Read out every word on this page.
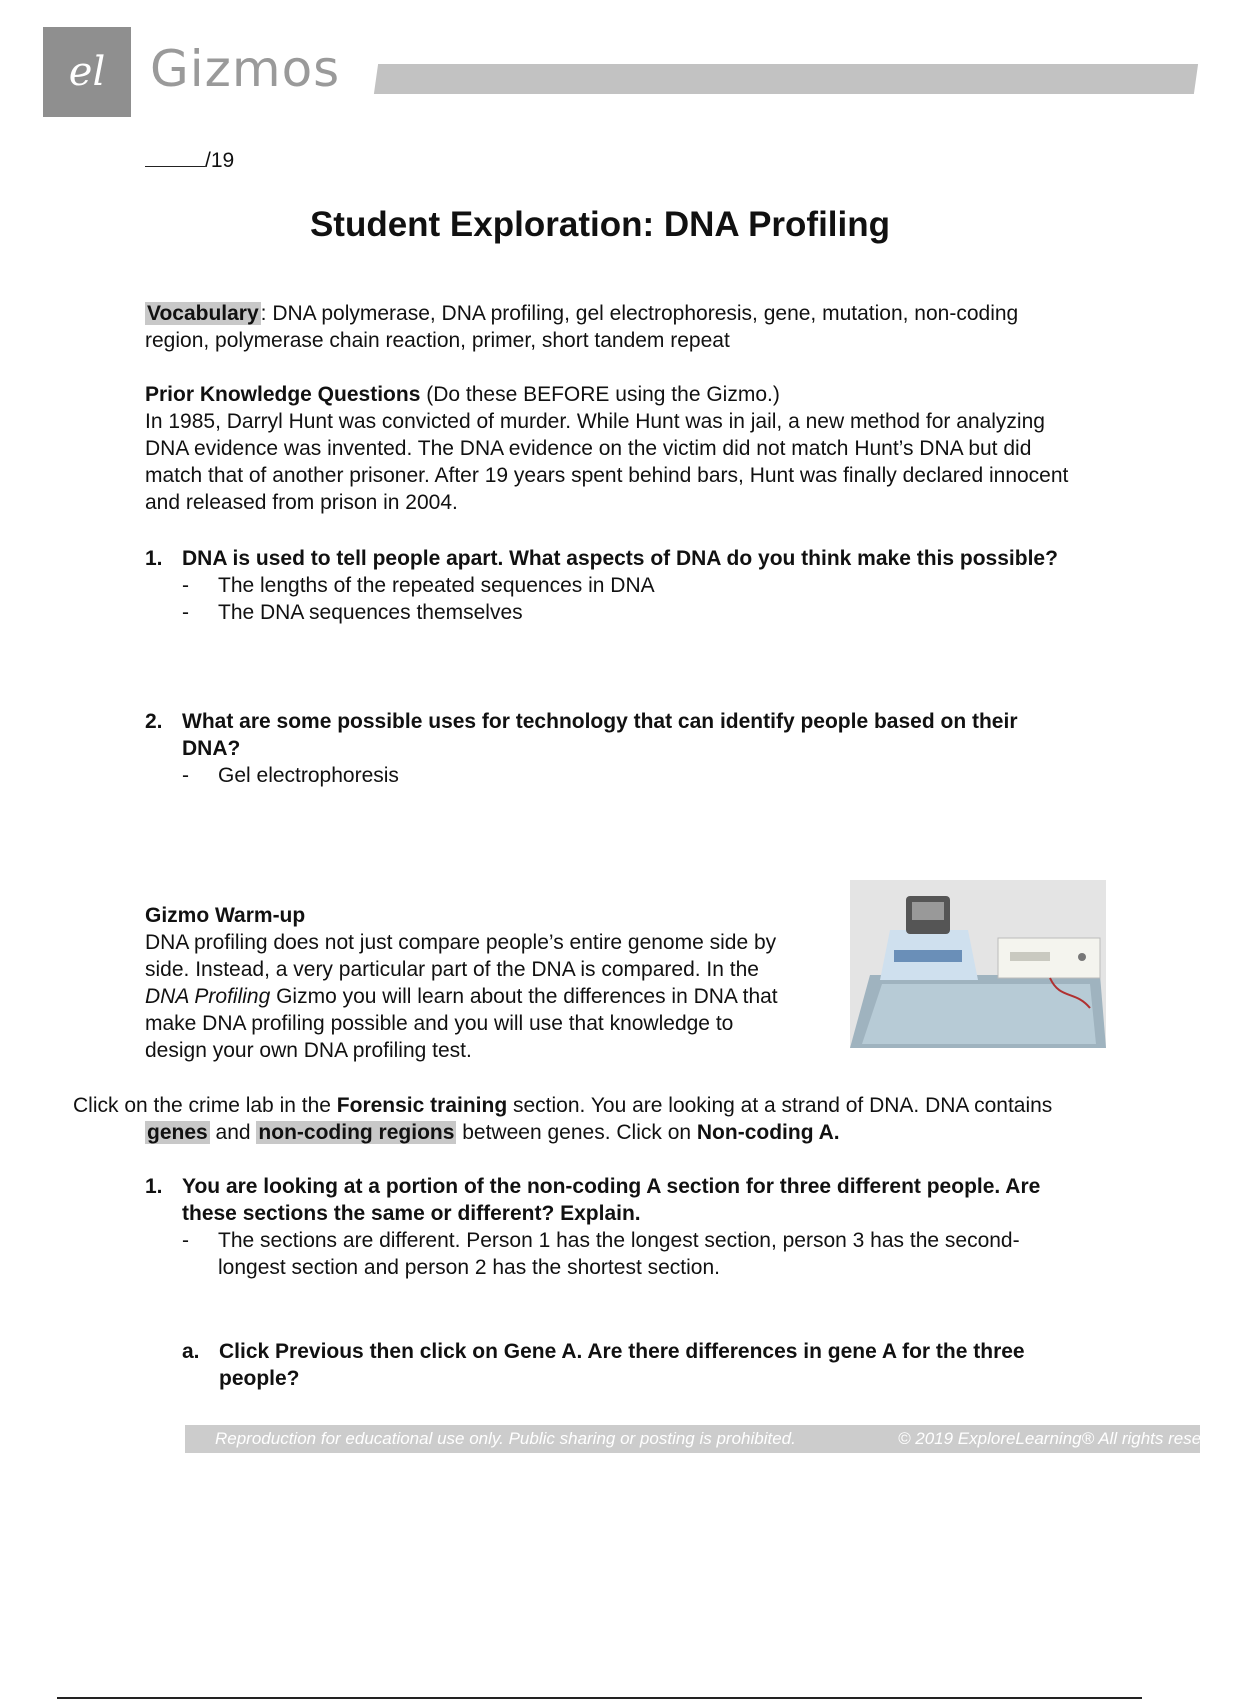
el Gizmos
/19
Student Exploration: DNA Profiling
Vocabulary: DNA polymerase, DNA profiling, gel electrophoresis, gene, mutation, non-coding region, polymerase chain reaction, primer, short tandem repeat
Prior Knowledge Questions (Do these BEFORE using the Gizmo.)
In 1985, Darryl Hunt was convicted of murder. While Hunt was in jail, a new method for analyzing DNA evidence was invented. The DNA evidence on the victim did not match Hunt’s DNA but did match that of another prisoner. After 19 years spent behind bars, Hunt was finally declared innocent and released from prison in 2004.
1. DNA is used to tell people apart. What aspects of DNA do you think make this possible?
-	The lengths of the repeated sequences in DNA
-	The DNA sequences themselves
2. What are some possible uses for technology that can identify people based on their DNA?
-	Gel electrophoresis
Gizmo Warm-up
DNA profiling does not just compare people’s entire genome side by side. Instead, a very particular part of the DNA is compared. In the DNA Profiling Gizmo you will learn about the differences in DNA that make DNA profiling possible and you will use that knowledge to design your own DNA profiling test.
Click on the crime lab in the Forensic training section. You are looking at a strand of DNA. DNA contains genes and non-coding regions between genes. Click on Non-coding A.
1. You are looking at a portion of the non-coding A section for three different people. Are these sections the same or different? Explain.
-	The sections are different. Person 1 has the longest section, person 3 has the second-longest section and person 2 has the shortest section.
a. Click Previous then click on Gene A. Are there differences in gene A for the three people?
Reproduction for educational use only. Public sharing or posting is prohibited.	© 2019 ExploreLearning® All rights reserved
